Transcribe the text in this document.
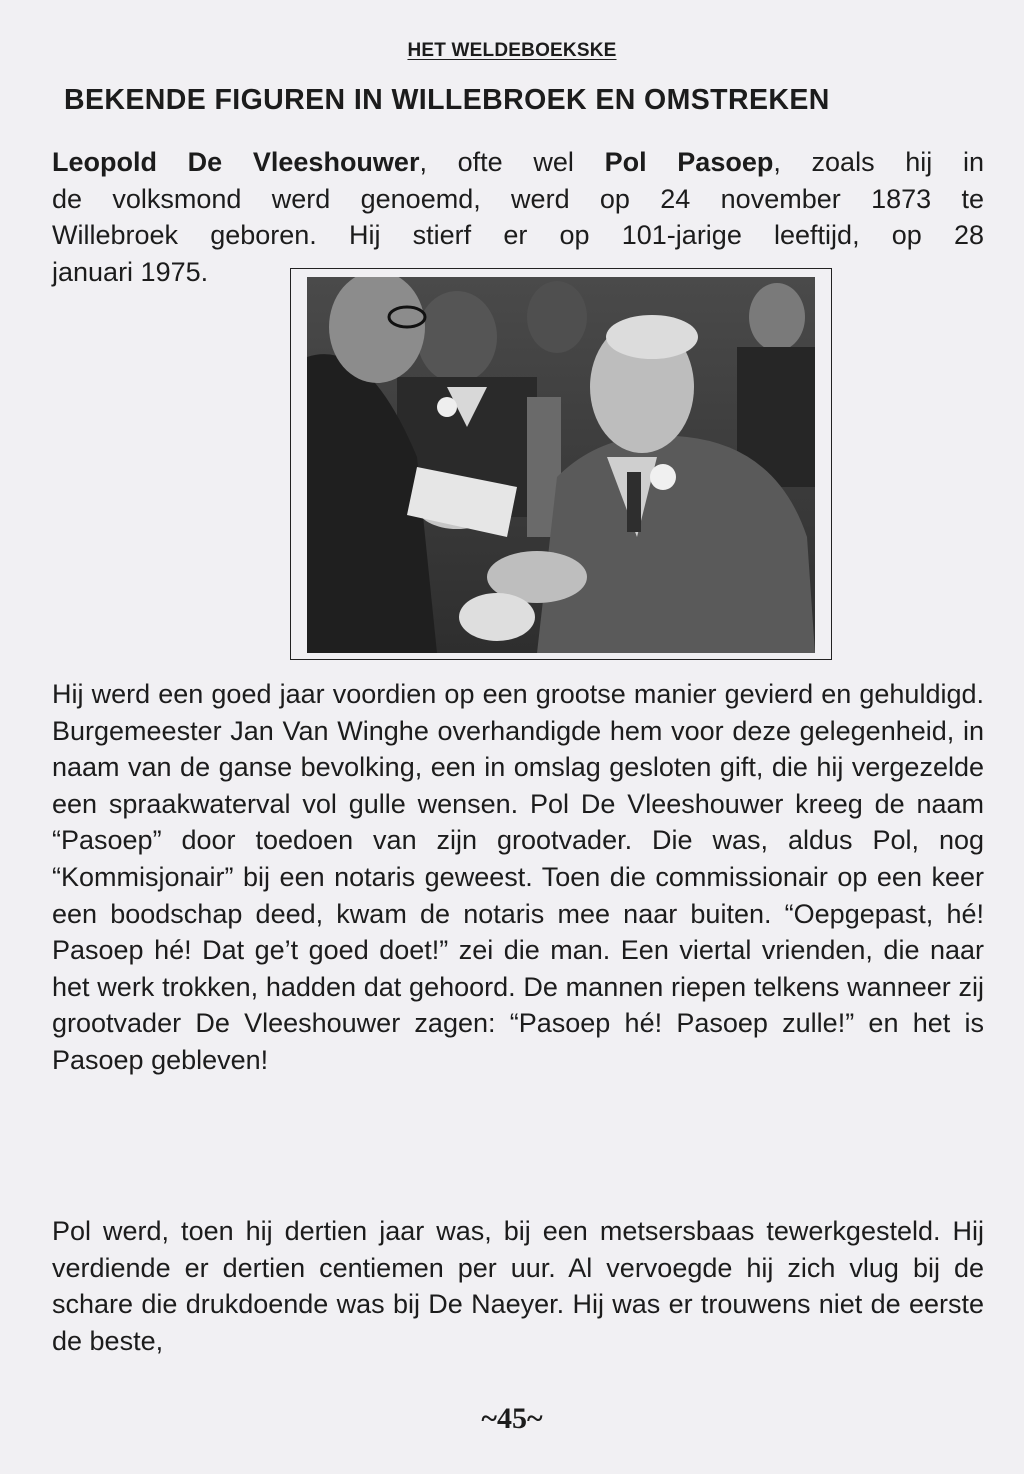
HET WELDEBOEKSKE
BEKENDE FIGUREN IN WILLEBROEK EN OMSTREKEN
Leopold De Vleeshouwer, ofte wel Pol Pasoep, zoals hij in
de volksmond werd genoemd, werd op 24 november 1873 te
Willebroek geboren. Hij stierf er op 101-jarige leeftijd, op 28
januari 1975.

Hij werd een goed jaar voordien op een grootse manier gevierd en gehuldigd. Burgemeester Jan Van Winghe overhandigde hem voor deze gelegenheid, in naam van de ganse bevolking, een in omslag gesloten gift, die hij vergezelde een spraakwaterval vol gulle wensen. Pol De Vleeshouwer kreeg de naam “Pasoep” door toedoen van zijn grootvader. Die was, aldus Pol, nog “Kommisjonair” bij een notaris geweest. Toen die commissionair op een keer een boodschap deed, kwam de notaris mee naar buiten. “Oepgepast, hé! Pasoep hé! Dat ge’t goed doet!” zei die man. Een viertal vrienden, die naar het werk trokken, hadden dat gehoord. De mannen riepen telkens wanneer zij grootvader De Vleeshouwer zagen: “Pasoep hé! Pasoep zulle!” en het is Pasoep gebleven!

Pol werd, toen hij dertien jaar was, bij een metsersbaas tewerkgesteld. Hij verdiende er dertien centiemen per uur. Al vervoegde hij zich vlug bij de schare die drukdoende was bij De Naeyer. Hij was er trouwens niet de eerste de beste,

~45~
